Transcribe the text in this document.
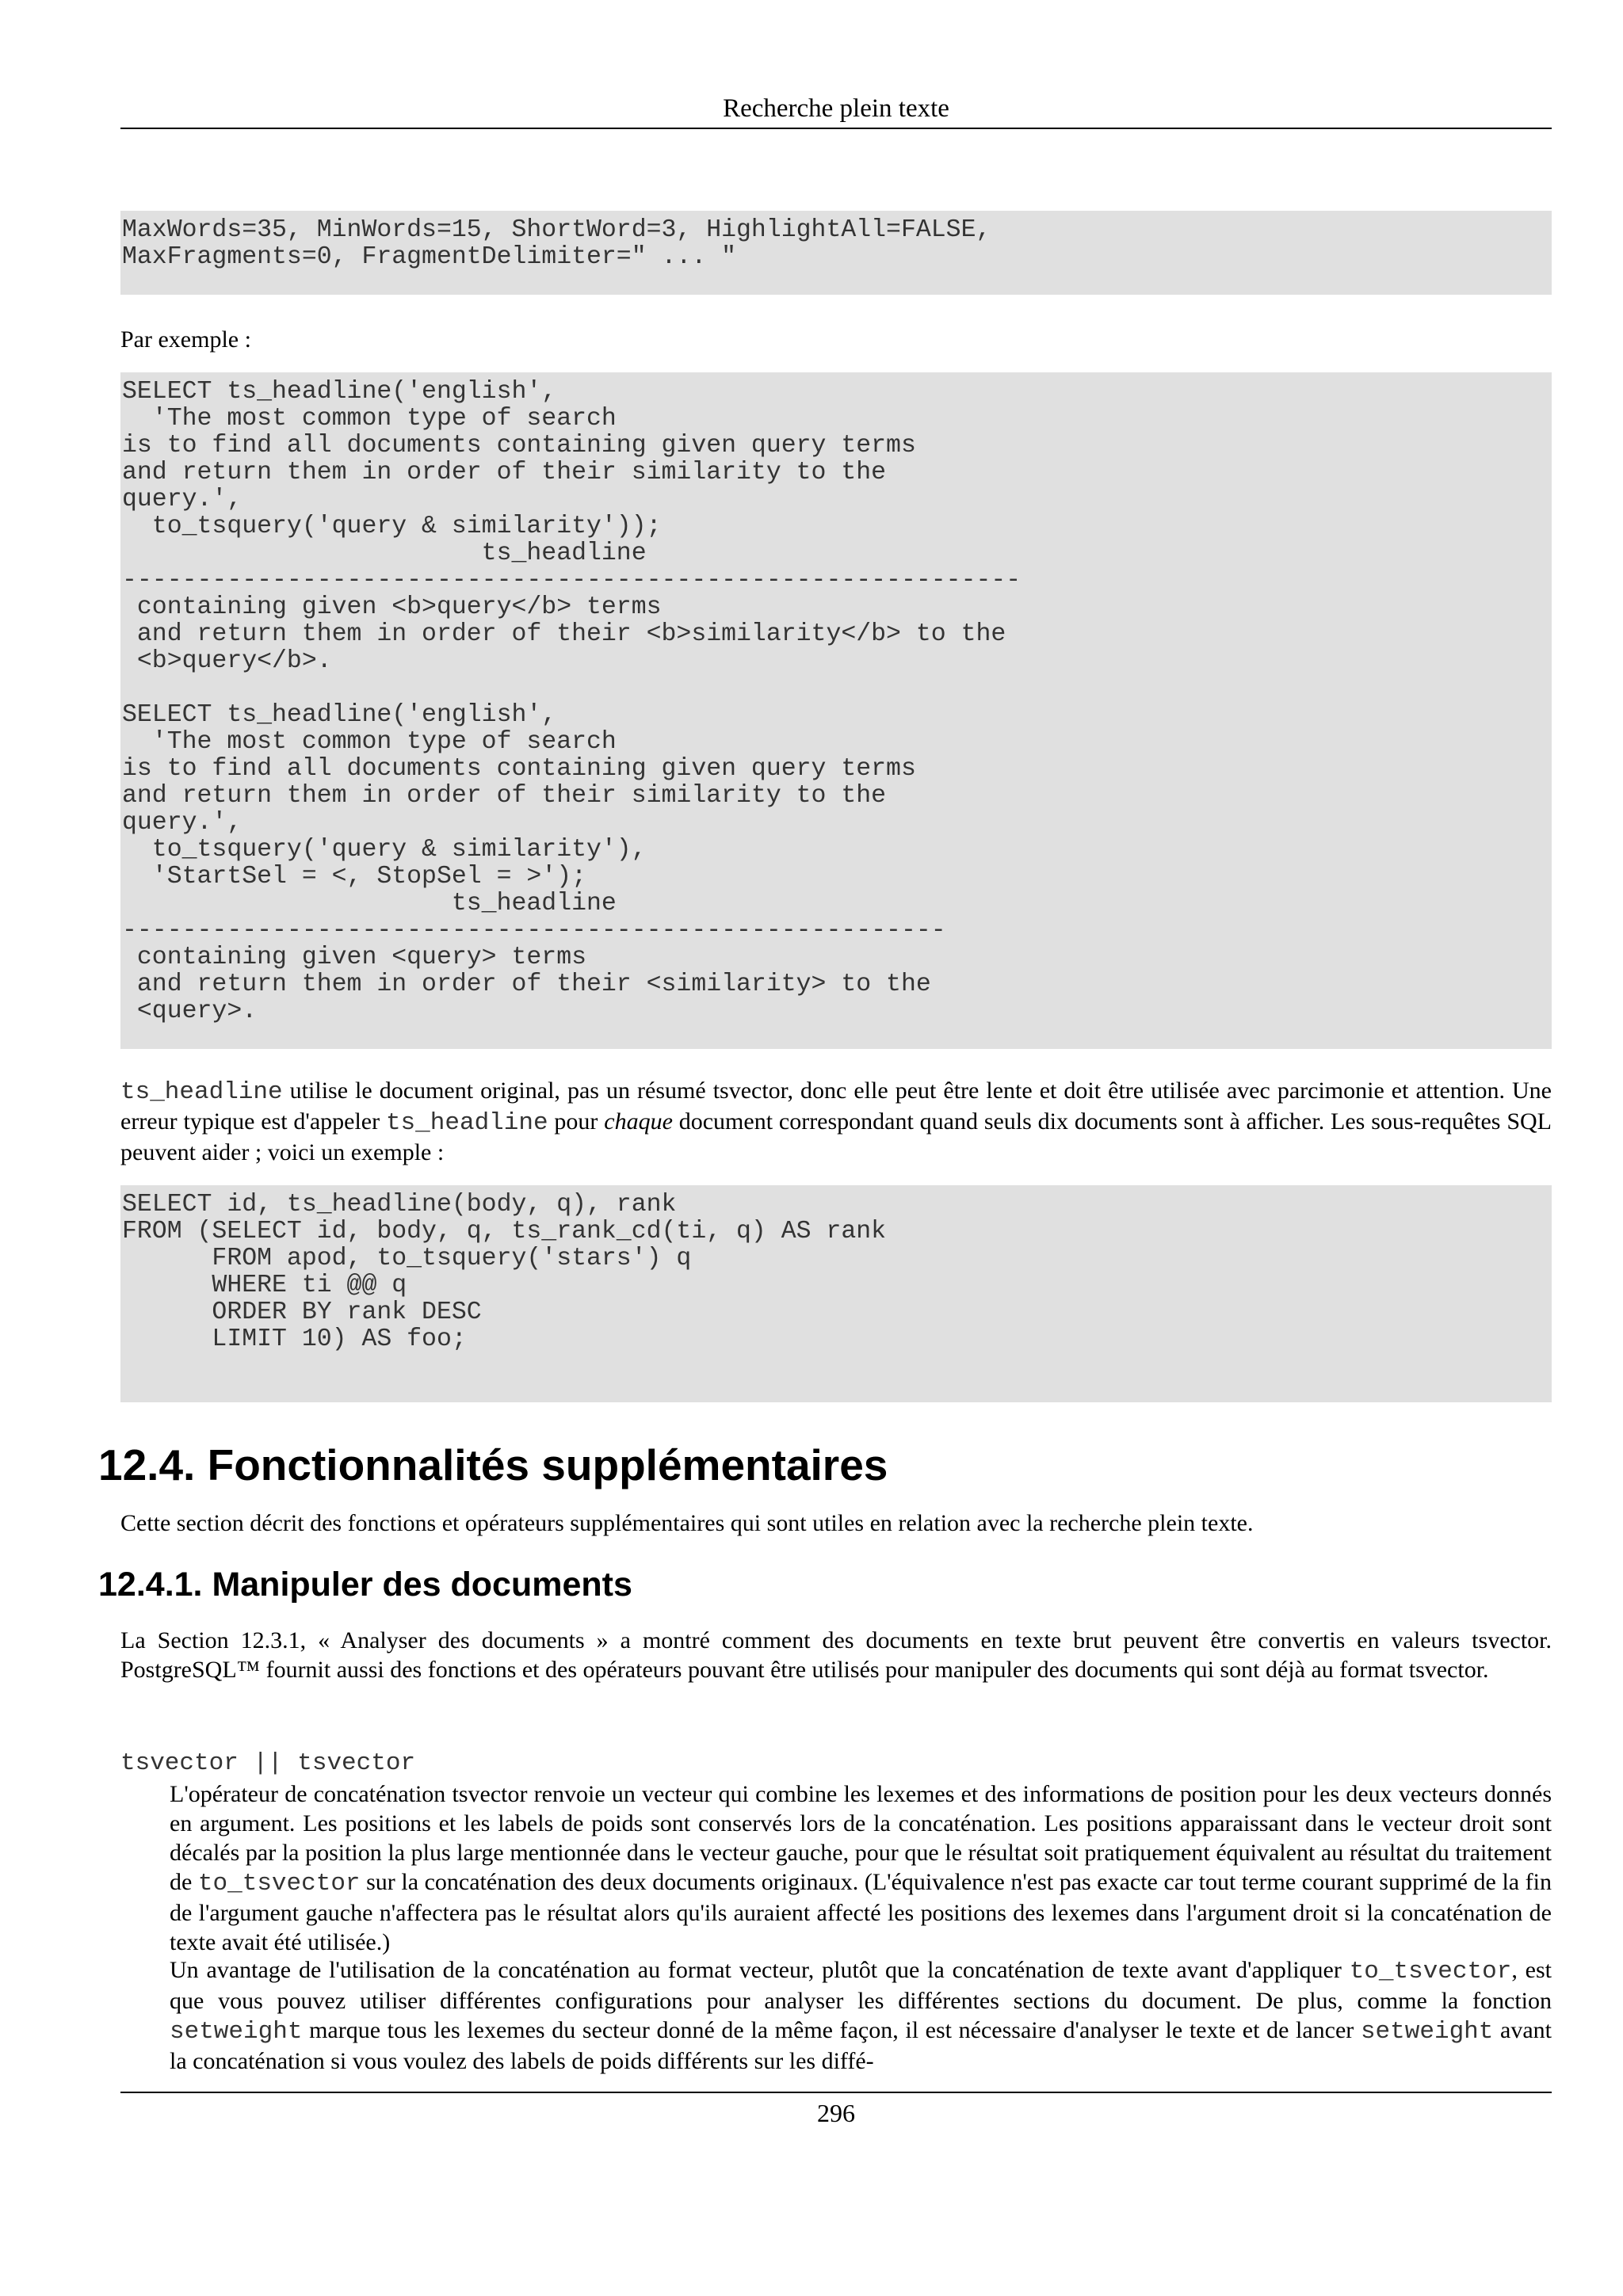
Recherche plein texte
MaxWords=35, MinWords=15, ShortWord=3, HighlightAll=FALSE,
MaxFragments=0, FragmentDelimiter=" ... "

Par exemple :

SELECT ts_headline('english',
'The most common type of search
is to find all documents containing given query terms
and return them in order of their similarity to the
query.',
to_tsquery('query & similarity'));
ts_headline
------------------------------------------------------------
containing given <b>query</b> terms
and return them in order of their <b>similarity</b> to the
<b>query</b>.

SELECT ts_headline('english',
'The most common type of search
is to find all documents containing given query terms
and return them in order of their similarity to the
query.',
to_tsquery('query & similarity'),
'StartSel = <, StopSel = >');
ts_headline
-------------------------------------------------------
containing given <query> terms
and return them in order of their <similarity> to the
<query>.

ts_headline utilise le document original, pas un résumé tsvector, donc elle peut être lente et doit être utilisée avec parcimonie et attention. Une erreur typique est d'appeler ts_headline pour chaque document correspondant quand seuls dix documents sont à afficher. Les sous-requêtes SQL peuvent aider ; voici un exemple :

SELECT id, ts_headline(body, q), rank
FROM (SELECT id, body, q, ts_rank_cd(ti, q) AS rank
FROM apod, to_tsquery('stars') q
WHERE ti @@ q
ORDER BY rank DESC
LIMIT 10) AS foo;
12.4. Fonctionnalités supplémentaires

Cette section décrit des fonctions et opérateurs supplémentaires qui sont utiles en relation avec la recherche plein texte.

12.4.1. Manipuler des documents

La Section 12.3.1, « Analyser des documents » a montré comment des documents en texte brut peuvent être convertis en valeurs tsvector. PostgreSQL™ fournit aussi des fonctions et des opérateurs pouvant être utilisés pour manipuler des documents qui sont déjà au format tsvector.

tsvector || tsvector

L'opérateur de concaténation tsvector renvoie un vecteur qui combine les lexemes et des informations de position pour les deux vecteurs donnés en argument. Les positions et les labels de poids sont conservés lors de la concaténation. Les positions apparaissant dans le vecteur droit sont décalés par la position la plus large mentionnée dans le vecteur gauche, pour que le résultat soit pratiquement équivalent au résultat du traitement de to_tsvector sur la concaténation des deux documents originaux. (L'équivalence n'est pas exacte car tout terme courant supprimé de la fin de l'argument gauche n'affectera pas le résultat alors qu'ils auraient affecté les positions des lexemes dans l'argument droit si la concaténation de texte avait été utilisée.)

Un avantage de l'utilisation de la concaténation au format vecteur, plutôt que la concaténation de texte avant d'appliquer to_tsvector, est que vous pouvez utiliser différentes configurations pour analyser les différentes sections du document. De plus, comme la fonction setweight marque tous les lexemes du secteur donné de la même façon, il est nécessaire d'analyser le texte et de lancer setweight avant la concaténation si vous voulez des labels de poids différents sur les diffé-

296
